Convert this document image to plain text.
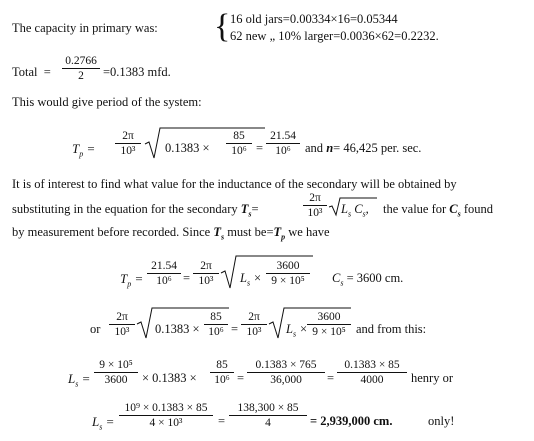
The capacity in primary was: { 16 old jars=0.00334×16=0.05344
62 new „ 10% larger=0.0036×62=0.2232.
Total  =
0.2766
2	=0.1383 mfd.
This would give period of the system:
$T_p$ =
2π
10³	0.1383 ×
85
10⁶ =
21.54
10⁶	and n= 46,425 per. sec.
It is of interest to find what value for the inductance of the secondary will be obtained by
substituting in the equation for the secondary $T_s=$
2π
10³	$L_s$ $C_s$, the value for $C_s$ found
by measurement before recorded. Since $T_s$ must $be=T_p$ we have
$T_p$ =
21.54
10⁶ =
2π
10³	$L_s$ ×
3600
9 × 10⁵	$C_s = 3600$ cm.
or
2π
10³	0.1383 ×
85
10⁶ =
2π
10³	$L_s$ ×
3600
9 × 10⁵ and from this:
$L_s$ =
9 × 10⁵
3600	× 0.1383 ×
85
10⁶ =
0.1383 × 765
36,000	=
0.1383 × 85
4000	henry or
$L_s$ =
10⁹ × 0.1383 × 85
4 × 10³	=
138,300 × 85
4	= 2,939,000 cm.	only!
